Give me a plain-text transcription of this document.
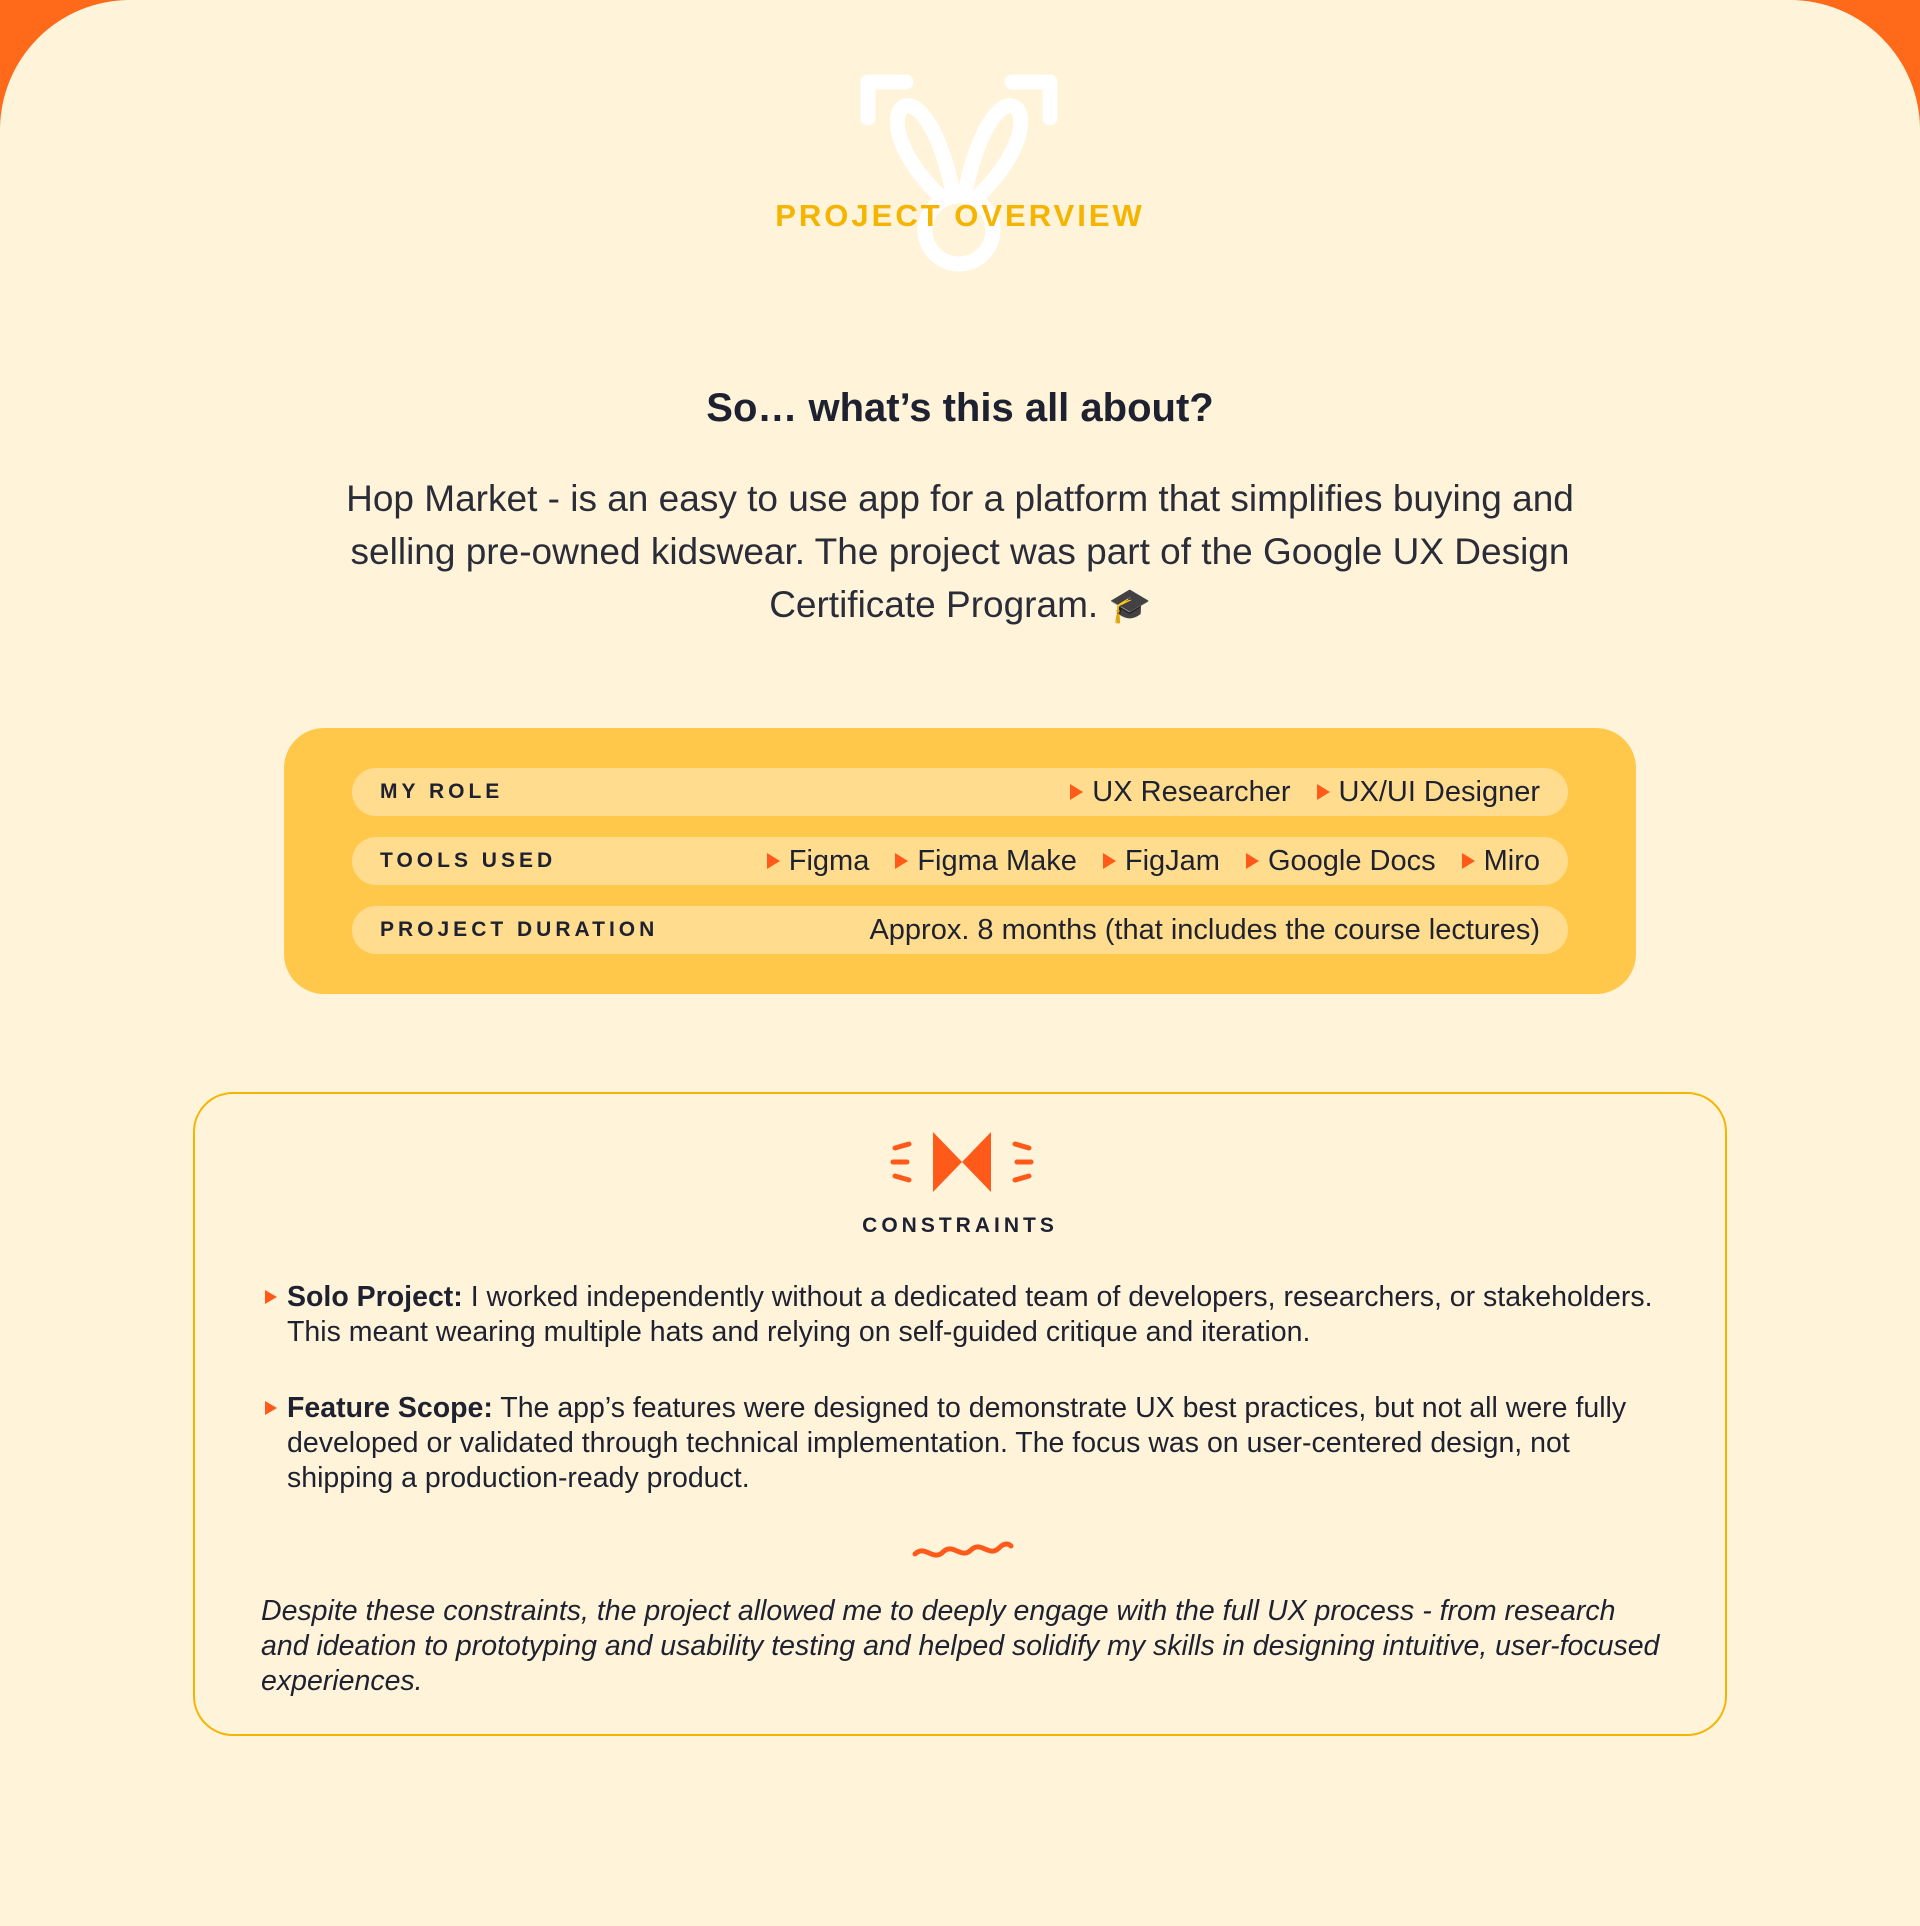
PROJECT OVERVIEW
So… what’s this all about?
Hop Market - is an easy to use app for a platform that simplifies buying and selling pre-owned kidswear. The project was part of the Google UX Design Certificate Program. 🎓
MY ROLE	UX Researcher UX/UI Designer
TOOLS USED	Figma Figma Make FigJam Google Docs Miro
PROJECT DURATION	Approx. 8 months (that includes the course lectures)
CONSTRAINTS
Solo Project: I worked independently without a dedicated team of developers, researchers, or stakeholders. This meant wearing multiple hats and relying on self-guided critique and iteration.
Feature Scope: The app’s features were designed to demonstrate UX best practices, but not all were fully developed or validated through technical implementation. The focus was on user-centered design, not shipping a production-ready product.
Despite these constraints, the project allowed me to deeply engage with the full UX process - from research and ideation to prototyping and usability testing and helped solidify my skills in designing intuitive, user-focused experiences.
